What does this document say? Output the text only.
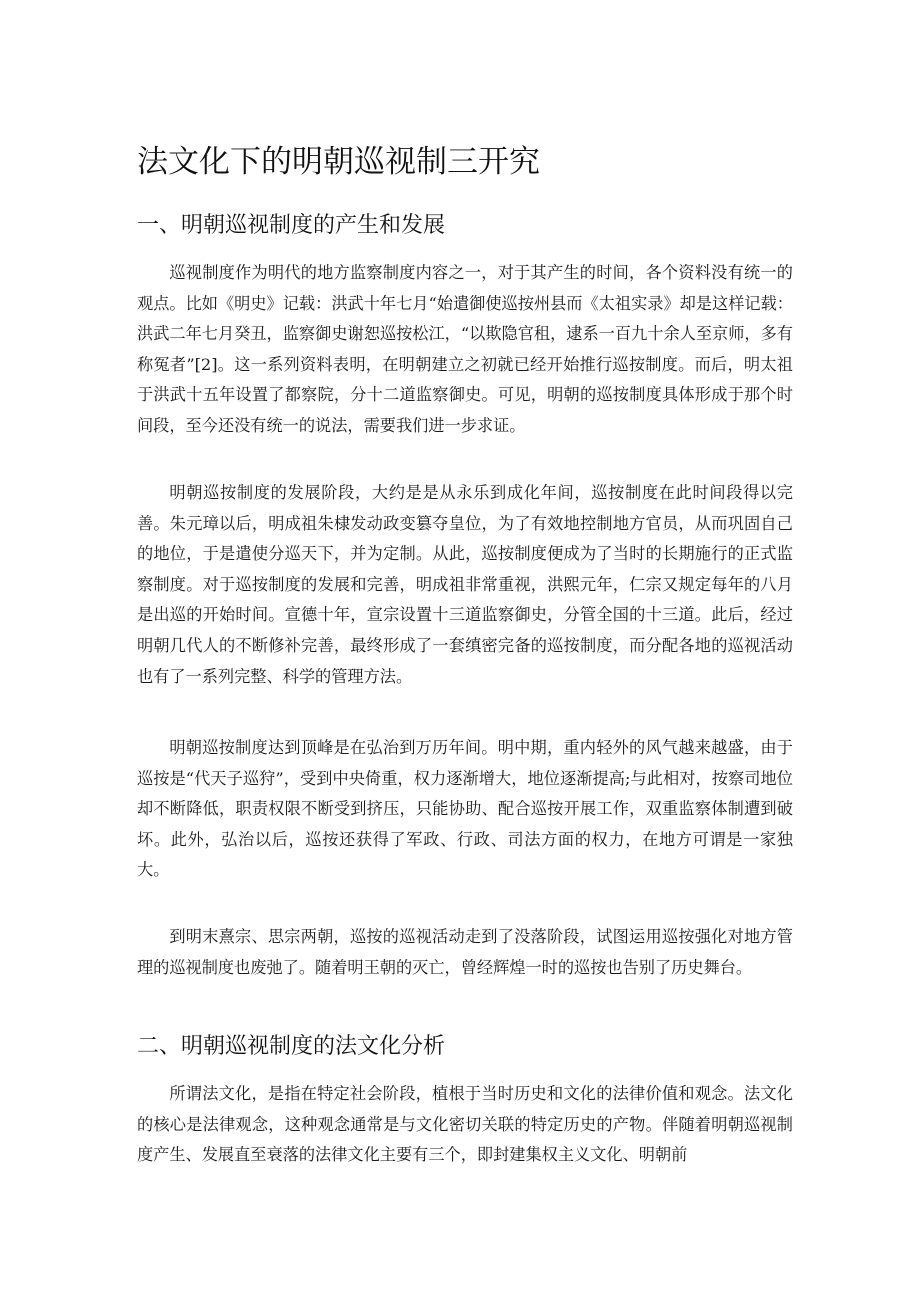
法文化下的明朝巡视制三开究
一、明朝巡视制度的产生和发展

巡视制度作为明代的地方监察制度内容之一，对于其产生的时间，各个资料没有统一的观点。比如《明史》记载：洪武十年七月“始遣御使巡按州县而《太祖实录》却是这样记载：洪武二年七月癸丑，监察御史谢恕巡按松江，“以欺隐官租，逮系一百九十余人至京师，多有称冤者”[2]。这一系列资料表明，在明朝建立之初就已经开始推行巡按制度。而后，明太祖于洪武十五年设置了都察院，分十二道监察御史。可见，明朝的巡按制度具体形成于那个时间段，至今还没有统一的说法，需要我们进一步求证。

明朝巡按制度的发展阶段，大约是是从永乐到成化年间，巡按制度在此时间段得以完善。朱元璋以后，明成祖朱棣发动政变篡夺皇位，为了有效地控制地方官员，从而巩固自己的地位，于是遣使分巡天下，并为定制。从此，巡按制度便成为了当时的长期施行的正式监察制度。对于巡按制度的发展和完善，明成祖非常重视，洪熙元年，仁宗又规定每年的八月是出巡的开始时间。宣德十年，宣宗设置十三道监察御史，分管全国的十三道。此后，经过明朝几代人的不断修补完善，最终形成了一套缜密完备的巡按制度，而分配各地的巡视活动也有了一系列完整、科学的管理方法。

明朝巡按制度达到顶峰是在弘治到万历年间。明中期，重内轻外的风气越来越盛，由于巡按是“代天子巡狩”，受到中央倚重，权力逐渐增大，地位逐渐提高;与此相对，按察司地位却不断降低，职责权限不断受到挤压，只能协助、配合巡按开展工作，双重监察体制遭到破坏。此外，弘治以后，巡按还获得了军政、行政、司法方面的权力，在地方可谓是一家独大。

到明末熹宗、思宗两朝，巡按的巡视活动走到了没落阶段，试图运用巡按强化对地方管理的巡视制度也废弛了。随着明王朝的灭亡，曾经辉煌一时的巡按也告别了历史舞台。

二、明朝巡视制度的法文化分析

所谓法文化，是指在特定社会阶段，植根于当时历史和文化的法律价值和观念。法文化的核心是法律观念，这种观念通常是与文化密切关联的特定历史的产物。伴随着明朝巡视制度产生、发展直至衰落的法律文化主要有三个，即封建集权主义文化、明朝前
